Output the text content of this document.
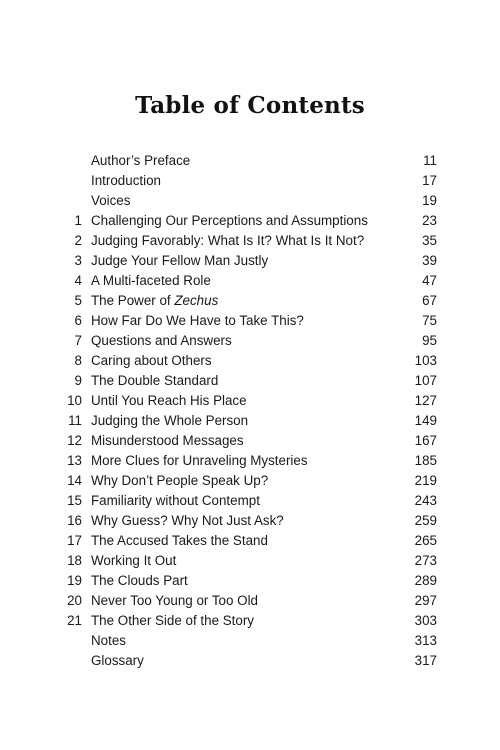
Table of Contents
Author’s Preface	11
Introduction	17
Voices	19
1 Challenging Our Perceptions and Assumptions	23
2 Judging Favorably: What Is It? What Is It Not?	35
3 Judge Your Fellow Man Justly	39
4 A Multi-faceted Role	47
5 The Power of Zechus	67
6 How Far Do We Have to Take This?	75
7 Questions and Answers	95
8 Caring about Others	103
9 The Double Standard	107
10 Until You Reach His Place	127
11 Judging the Whole Person	149
12 Misunderstood Messages	167
13 More Clues for Unraveling Mysteries	185
14 Why Don’t People Speak Up?	219
15 Familiarity without Contempt	243
16 Why Guess? Why Not Just Ask?	259
17 The Accused Takes the Stand	265
18 Working It Out	273
19 The Clouds Part	289
20 Never Too Young or Too Old	297
21 The Other Side of the Story	303
Notes	313
Glossary	317
